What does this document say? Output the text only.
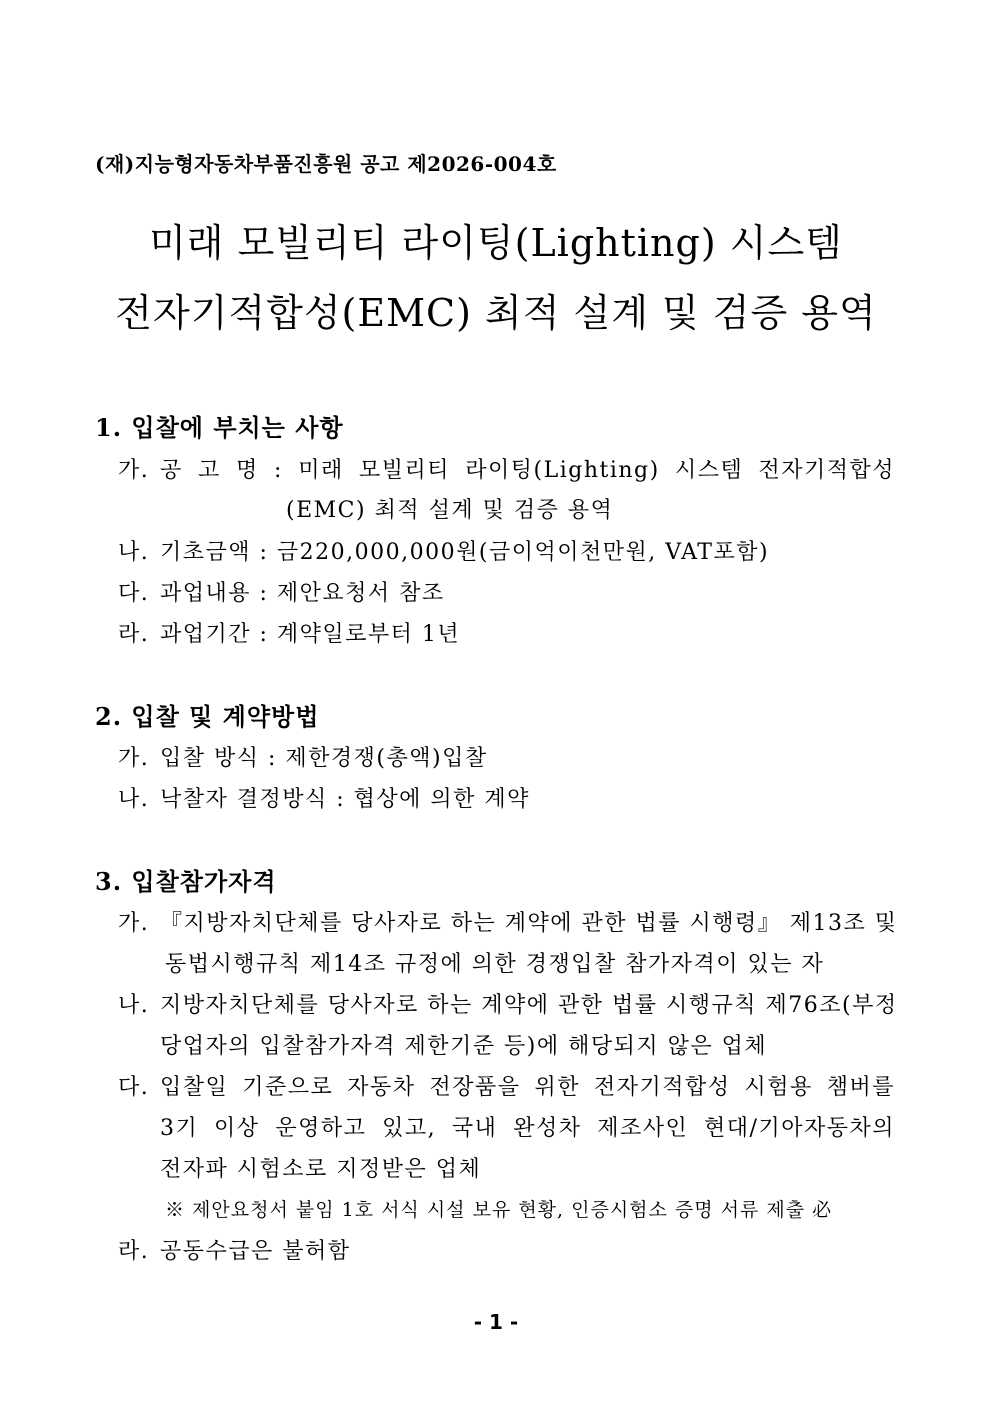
(재)지능형자동차부품진흥원 공고 제2026-004호
미래 모빌리티 라이팅(Lighting) 시스템
전자기적합성(EMC) 최적 설계 및 검증 용역
1. 입찰에 부치는 사항
가. 공 고 명 : 미래 모빌리티 라이팅(Lighting) 시스템 전자기적합성
(EMC) 최적 설계 및 검증 용역
나. 기초금액 : 금220,000,000원(금이억이천만원, VAT포함)
다. 과업내용 : 제안요청서 참조
라. 과업기간 : 계약일로부터 1년
2. 입찰 및 계약방법
가. 입찰 방식 : 제한경쟁(총액)입찰
나. 낙찰자 결정방식 : 협상에 의한 계약
3. 입찰참가자격
가. 『지방자치단체를 당사자로 하는 계약에 관한 법률 시행령』 제13조 및
동법시행규칙 제14조 규정에 의한 경쟁입찰 참가자격이 있는 자
나. 지방자치단체를 당사자로 하는 계약에 관한 법률 시행규칙 제76조(부정
당업자의 입찰참가자격 제한기준 등)에 해당되지 않은 업체
다. 입찰일 기준으로 자동차 전장품을 위한 전자기적합성 시험용 챔버를
3기 이상 운영하고 있고, 국내 완성차 제조사인 현대/기아자동차의
전자파 시험소로 지정받은 업체
※ 제안요청서 붙임 1호 서식 시설 보유 현황, 인증시험소 증명 서류 제출 必
라. 공동수급은 불허함
- 1 -
